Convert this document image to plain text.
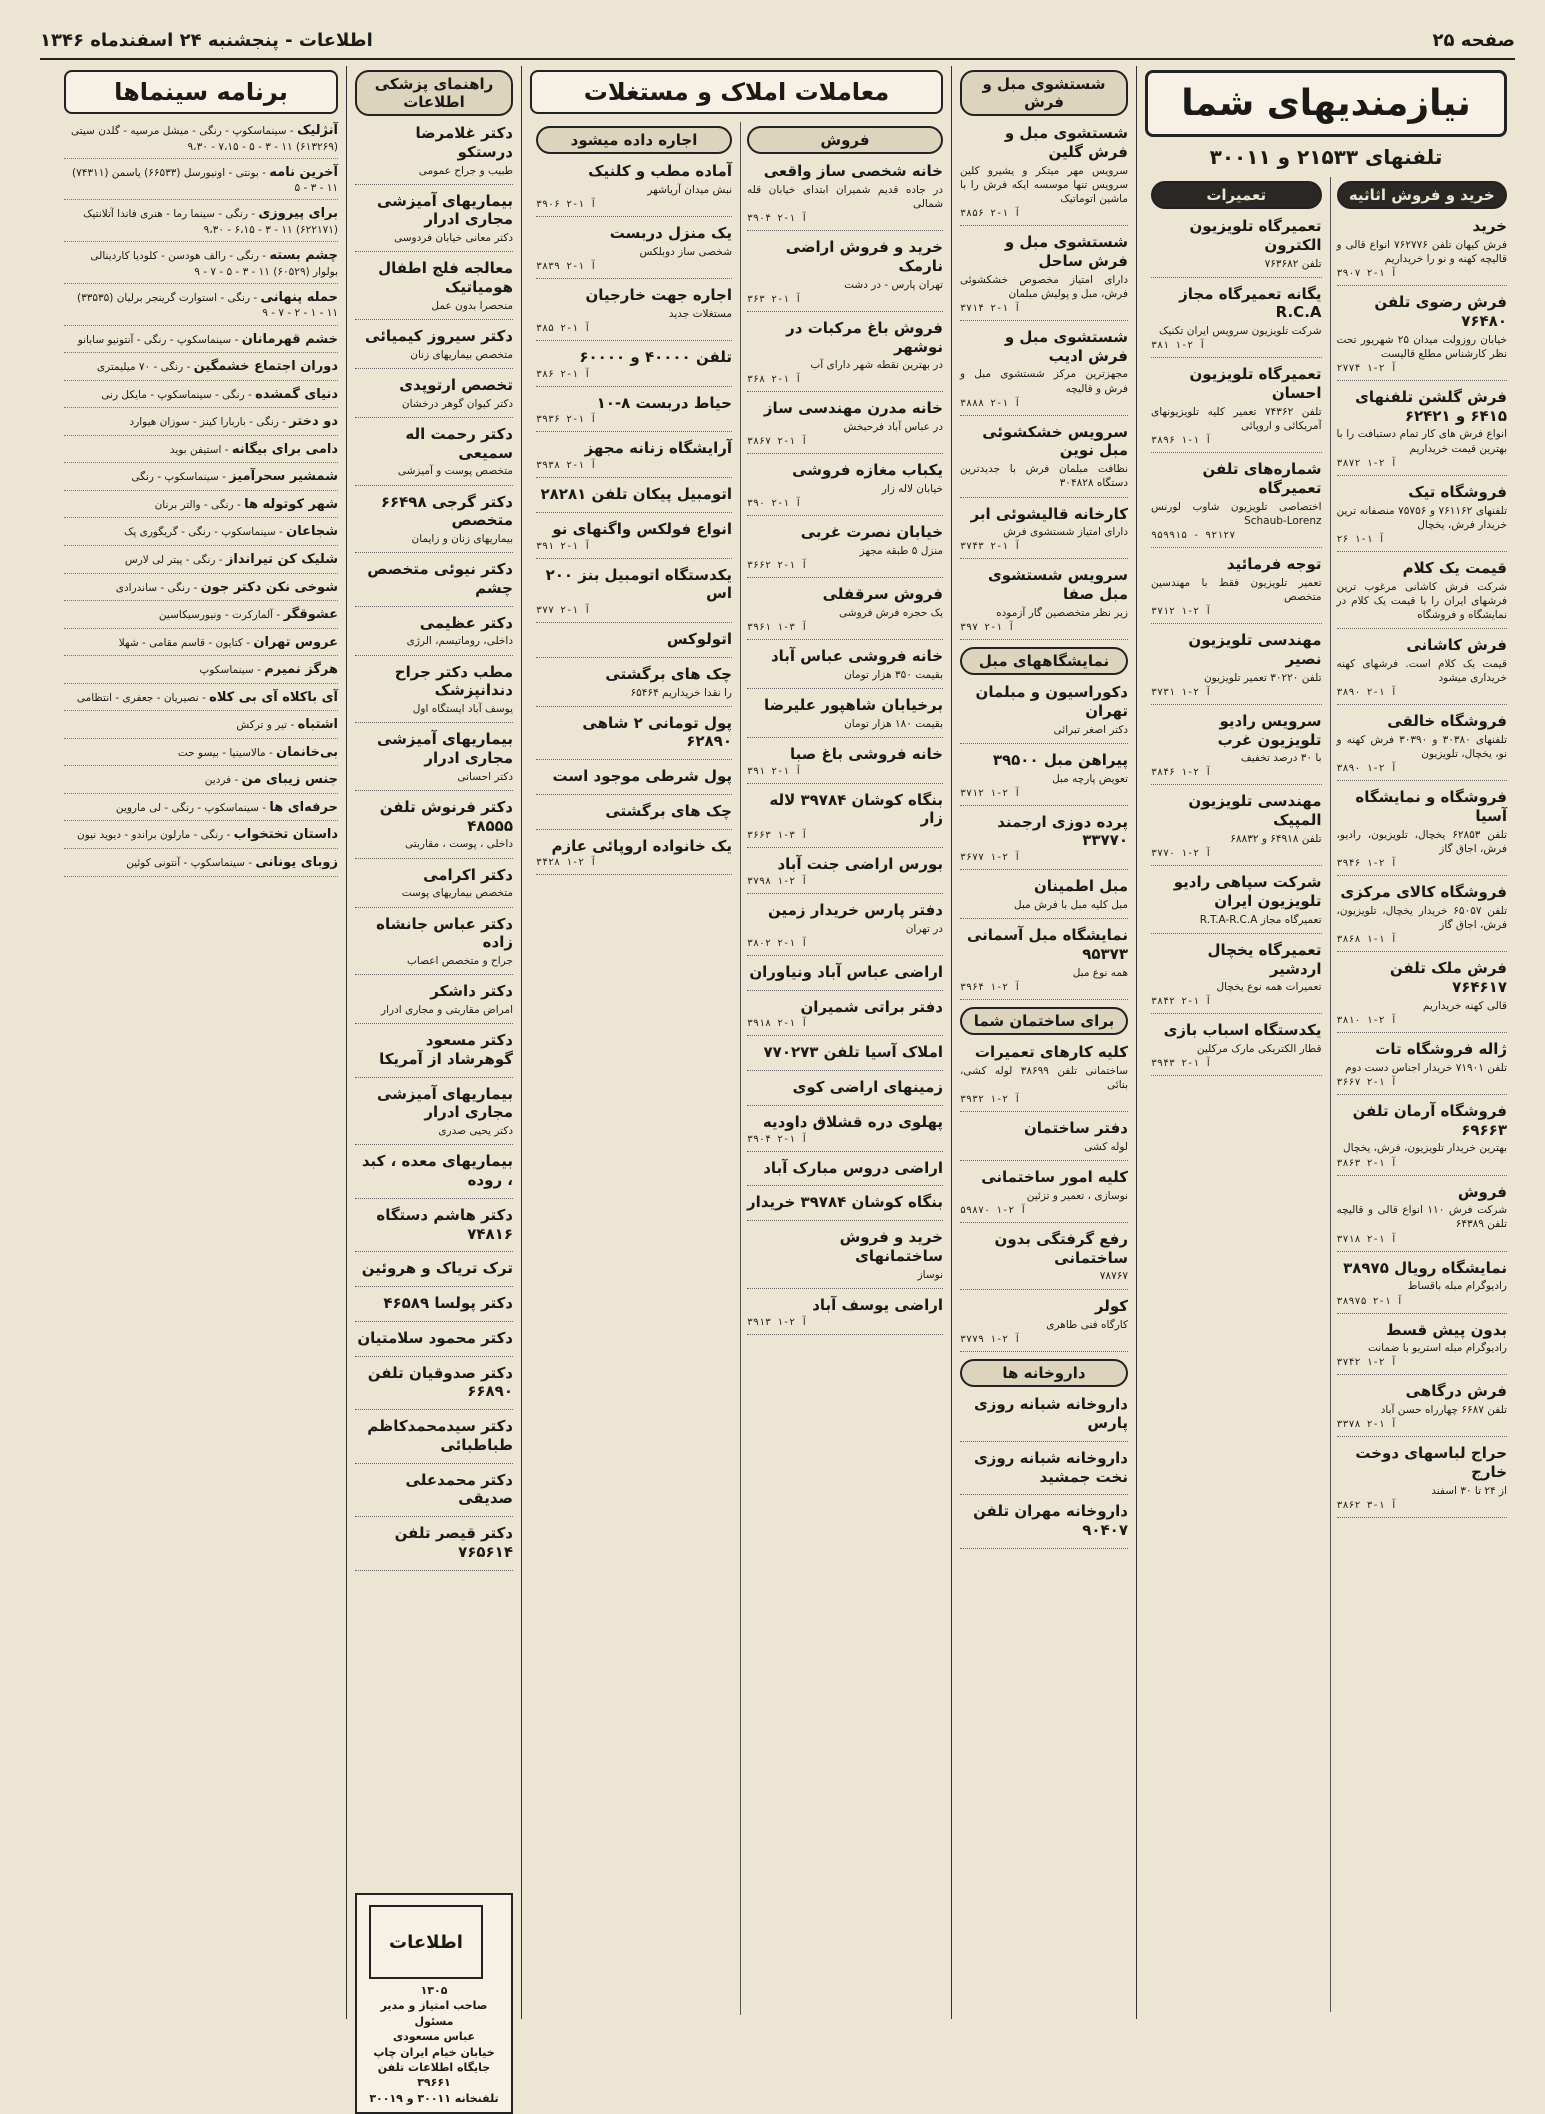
صفحه ۲۵
اطلاعات - پنجشنبه ۲۴ اسفندماه ۱۳۴۶
نیازمندیهای شما
تلفنهای ۲۱۵۳۳ و ۳۰۰۱۱
خرید و فروش اثاثیه
خرید

فرش کیهان تلفن ۷۶۲۷۷۶ انواع قالی و قالیچه کهنه و نو را خریداریم

۳۹۰۷ آ ۱-۲
فرش رضوی تلفن ۷۶۴۸۰

خیابان روزولت میدان ۲۵ شهریور تحت نظر کارشناس مطلع قالیست

۲۷۷۴ آ ۲-۱
فرش گلشن تلفنهای ۶۴۱۵ و ۶۲۴۲۱

انواع فرش های کار تمام دستبافت را با بهترین قیمت خریداریم

۳۸۷۲ آ ۲-۱
فروشگاه تیک

تلفنهای ۷۶۱۱۶۲ و ۷۵۷۵۶ منصفانه ترین خریدار فرش، یخچال

۲۶ آ ۱-۱
قیمت یک کلام

شرکت فرش کاشانی مرغوب ترین فرشهای ایران را با قیمت یک کلام در نمایشگاه و فروشگاه

فرش کاشانی

قیمت یک کلام است. فرشهای کهنه خریداری میشود

۳۸۹۰ آ ۱-۲
فروشگاه خالقی

تلفنهای ۳۰۳۸۰ و ۳۰۳۹۰ فرش کهنه و نو، یخچال، تلویزیون

۳۸۹۰ آ ۲-۱
فروشگاه و نمایشگاه آسیا

تلفن ۶۲۸۵۳ یخچال، تلویزیون، رادیو، فرش، اجاق گاز

۳۹۴۶ آ ۲-۱
فروشگاه کالای مرکزی

تلفن ۶۵۰۵۷ خریدار یخچال، تلویزیون، فرش، اجاق گاز

۳۸۶۸ آ ۱-۱
فرش ملک تلفن ۷۶۴۶۱۷

قالی کهنه خریداریم

۳۸۱۰ آ ۲-۱
ژاله فروشگاه تات

تلفن ۷۱۹۰۱ خریدار اجناس دست دوم

۳۶۶۷ آ ۱-۲
فروشگاه آرمان تلفن ۶۹۶۶۳

بهترین خریدار تلویزیون، فرش، یخچال

۳۸۶۳ آ ۱-۲
فروش

شرکت فرش ۱۱۰ انواع قالی و قالیچه تلفن ۶۴۳۸۹

۳۷۱۸ آ ۱-۲
نمایشگاه رویال ۳۸۹۷۵

رادیوگرام مبله باقساط

۳۸۹۷۵ آ ۱-۲
بدون پیش قسط

رادیوگرام مبله استریو با ضمانت

۳۷۴۲ آ ۲-۱
فرش درگاهی

تلفن ۶۶۸۷ چهارراه حسن آباد

۳۳۷۸ آ ۱-۲
حراج لباسهای دوخت خارج

از ۲۴ تا ۳۰ اسفند

۳۸۶۲ آ ۱-۳
تعمیرات
تعمیرگاه تلویزیون الکترون

تلفن ۷۶۳۶۸۲

یگانه تعمیرگاه مجاز R.C.A

شرکت تلویزیون سرویس ایران تکنیک

۳۸۱ آ ۲-۱
تعمیرگاه تلویزیون احسان

تلفن ۷۴۳۶۲ تعمیر کلیه تلویزیونهای آمریکائی و اروپائی

۳۸۹۶ آ ۱-۱
شماره‌های تلفن تعمیرگاه

اختصاصی تلویزیون شاوب لورنس Schaub-Lorenz

۹۵۹۹۱۵ - ۹۲۱۲۷
توجه فرمائید

تعمیر تلویزیون فقط با مهندسین متخصص

۳۷۱۲ آ ۲-۱
مهندسی تلویزیون نصیر

تلفن ۳۰۲۲۰ تعمیر تلویزیون

۳۷۳۱ آ ۲-۱
سرویس رادیو تلویزیون غرب

با ۳۰ درصد تخفیف

۳۸۴۶ آ ۲-۱
مهندسی تلویزیون المپیک

تلفن ۶۴۹۱۸ و ۶۸۸۳۲

۳۷۷۰ آ ۲-۱
شرکت سپاهی رادیو تلویزیون ایران

تعمیرگاه مجاز R.T.A-R.C.A

تعمیرگاه یخچال اردشیر

تعمیرات همه نوع یخچال

۳۸۴۲ آ ۱-۲
یکدستگاه اسباب بازی

قطار الکتریکی مارک مرکلین

۳۹۴۳ آ ۱-۲
شستشوی مبل و فرش
شستشوی مبل و فرش گلین

سرویس مهر میتکر و یشیرو کلین سرویس تنها موسسه ایکه فرش را با ماشین اتوماتیک

۳۸۵۶ آ ۱-۲
شستشوی مبل و فرش ساحل

دارای امتیاز مخصوص خشکشوئی فرش، مبل و پولیش مبلمان

۳۷۱۴ آ ۱-۲
شستشوی مبل و فرش ادیب

مجهزترین مرکز شستشوی مبل و فرش و قالیچه

۳۸۸۸ آ ۱-۲
سرویس خشکشوئی مبل نوین

نظافت مبلمان فرش با جدیدترین دستگاه ۳۰۴۸۲۸

کارخانه قالیشوئی ابر

دارای امتیاز شستشوی فرش

۳۷۴۳ آ ۱-۲
سرویس شستشوی مبل صفا

زیر نظر متخصصین گار آزموده

۳۹۷ آ ۱-۲
نمایشگاههای مبل
دکوراسیون و مبلمان تهران

دکتر اصغر تبرائی

پیراهن مبل ۳۹۵۰۰

تعویض پارچه مبل

۳۷۱۲ آ ۲-۱
پرده دوزی ارجمند ۳۳۷۷۰
۳۶۷۷ آ ۲-۱
مبل اطمینان

مبل کلیه مبل با فرش مبل

نمایشگاه مبل آسمانی ۹۵۳۷۳

همه نوع مبل

۳۹۶۴ آ ۲-۱
برای ساختمان شما
کلیه کارهای تعمیرات

ساختمانی تلفن ۳۸۶۹۹ لوله کشی، بنائی

۳۹۳۲ آ ۲-۱
دفتر ساختمان

لوله کشی

کلیه امور ساختمانی

نوسازی ، تعمیر و تزئین

۵۹۸۷۰ آ ۲-۱
رفع گرفتگی بدون ساختمانی

۷۸۷۶۷

کولر

کارگاه فنی طاهری

۳۷۷۹ آ ۲-۱
داروخانه ها
داروخانه شبانه روزی پارس
داروخانه شبانه روزی نخت جمشید
داروخانه مهران تلفن ۹۰۴۰۷
معاملات املاک و مستغلات
فروش
خانه شخصی ساز واقعی

در جاده قدیم شمیران ابتدای خیابان قله شمالی

۳۹۰۴ آ ۱-۲
خرید و فروش اراضی نارمک

تهران پارس - در دشت

۳۶۳ آ ۱-۲
فروش باغ مرکبات در نوشهر

در بهترین نقطه شهر دارای آب

۳۶۸ آ ۱-۲
خانه مدرن مهندسی ساز

در عباس آباد فرحبخش

۳۸۶۷ آ ۱-۲
یکباب مغازه فروشی

خیابان لاله زار

۳۹۰ آ ۱-۲
خیابان نصرت غربی

منزل ۵ طبقه مجهز

۳۶۶۲ آ ۱-۲
فروش سرقفلی

یک حجره فرش فروشی

۳۹۶۱ آ ۳-۱
خانه فروشی عباس آباد

بقیمت ۳۵۰ هزار تومان

برخیابان شاهپور علیرضا

بقیمت ۱۸۰ هزار تومان

خانه فروشی باغ صبا
۳۹۱ آ ۱-۲
بنگاه کوشان ۳۹۷۸۴ لاله زار
۳۶۶۳ آ ۳-۱
بورس اراضی جنت آباد
۳۷۹۸ آ ۲-۱
دفتر پارس خریدار زمین

در تهران

۳۸۰۲ آ ۱-۲
اراضی عباس آباد ونیاوران
دفتر براتی شمیران
۳۹۱۸ آ ۱-۲
املاک آسیا تلفن ۷۷۰۲۷۳
زمینهای اراضی کوی
پهلوی دره قشلاق داودیه
۳۹۰۴ آ ۱-۲
اراضی دروس مبارک آباد
بنگاه کوشان ۳۹۷۸۴ خریدار
خرید و فروش ساختمانهای

نوساز

اراضی یوسف آباد
۳۹۱۳ آ ۲-۱
اجاره داده میشود
آماده مطب و کلنیک

نبش میدان آریاشهر

۳۹۰۶ آ ۱-۲
یک منزل دربست

شخصی ساز دوبلکس

۳۸۳۹ آ ۱-۲
اجاره جهت خارجیان

مستغلات جدید

۳۸۵ آ ۱-۲
تلفن ۴۰۰۰۰ و ۶۰۰۰۰
۳۸۶ آ ۱-۲
حیاط دربست ۸-۱۰
۳۹۳۶ آ ۱-۲
آرایشگاه زنانه مجهز
۳۹۳۸ آ ۱-۲
اتومبیل پیکان تلفن ۲۸۲۸۱
انواع فولکس واگنهای نو
۳۹۱ آ ۱-۲
یکدستگاه اتومبیل بنز ۲۰۰ اس
۳۷۷ آ ۱-۲
اتولوکس
چک های برگشتی

را نقدا خریداریم ۶۵۴۶۴

پول تومانی ۲ شاهی ۶۲۸۹۰
پول شرطی موجود است
چک های برگشتی
یک خانواده اروپائی عازم
۳۴۲۸ آ ۲-۱
راهنمای پزشکی اطلاعات
دکتر غلامرضا درستکو

طبیب و جراح عمومی

بیماریهای آمیزشی مجاری ادرار

دکتر معانی خیابان فردوسی

معالجه فلج اطفال هومیاتیک

منحصرا بدون عمل

دکتر سیروز کیمیائی

متخصص بیماریهای زنان

تخصص ارتوپدی

دکتر کیوان گوهر درخشان

دکتر رحمت اله سمیعی

متخصص پوست و آمیزشی

دکتر گرجی ۶۶۴۹۸ متخصص

بیماریهای زنان و زایمان

دکتر نیوئی متخصص چشم
دکتر عظیمی

داخلی، روماتیسم، الرژی

مطب دکتر جراح دندانپزشک

یوسف آباد ایستگاه اول

بیماریهای آمیزشی مجاری ادرار

دکتر احسانی

دکتر فرنوش تلفن ۴۸۵۵۵

داخلی ، پوست ، مقاربتی

دکتر اکرامی

متخصص بیماریهای پوست

دکتر عباس جانشاه زاده

جراح و متخصص اعصاب

دکتر داشکر

امراض مقاربتی و مجاری ادرار

دکتر مسعود گوهرشاد از آمریکا
بیماریهای آمیزشی مجاری ادرار

دکتر یحیی صدری

بیماریهای معده ، کبد ، روده
دکتر هاشم دستگاه ۷۴۸۱۶
ترک تریاک و هروئین
دکتر پولسا ۴۶۵۸۹
دکتر محمود سلامتیان
دکتر صدوقیان تلفن ۶۶۸۹۰
دکتر سیدمحمدکاظم طباطبائی
دکتر محمدعلی صدیقی
دکتر قیصر تلفن ۷۶۵۶۱۴
اطلاعات
۱۳۰۵
صاحب امتیاز و مدیر مسئول
عباس مسعودی
خیابان خیام ایران چاپ
جایگاه اطلاعات تلفن ۳۹۶۶۱
تلفنخانه ۳۰۰۱۱ و ۳۰۰۱۹
برنامه سینماها
آنژلیک - سینماسکوپ - رنگی - میشل مرسیه - گلدن سیتی (۶۱۳۲۶۹) ۱۱ - ۳ - ۵ - ۷،۱۵ - ۹،۳۰
آخرین نامه - بونتی - اونیورسل (۶۶۵۳۳) یاسمن (۷۴۳۱۱) ۱۱ - ۳ - ۵
برای پیروزی - رنگی - سینما رما - هنری فاندا آتلانتیک (۶۲۲۱۷۱) ۱۱ - ۳ - ۶،۱۵ - ۹،۳۰
چشم بسته - رنگی - رالف هودسن - کلودیا کاردینالی بولوار (۶۰۵۲۹) ۱۱ - ۳ - ۵ - ۷ - ۹
حمله پنهانی - رنگی - استوارت گرینجر برلیان (۳۳۵۳۵) ۱۱ - ۱ - ۲ - ۷ - ۹
خشم قهرمانان - سینماسکوپ - رنگی - آنتونیو سابانو
دوران اجتماع خشمگین - رنگی - ۷۰ میلیمتری
دنیای گمشده - رنگی - سینماسکوپ - مایکل رنی
دو دختر - رنگی - باربارا کینز - سوزان هیوارد
دامی برای بیگانه - استیفن بوید
شمشیر سحرآمیز - سینماسکوپ - رنگی
شهر کوتوله ها - رنگی - والتر برنان
شجاعان - سینماسکوپ - رنگی - گریگوری پک
شلیک کن تیرانداز - رنگی - پیتر لی لارس
شوخی نکن دکتر جون - رنگی - ساندرادی
عشوقگر - آلمارکرت - ونیورسیکاسین
عروس تهران - کتایون - قاسم مقامی - شهلا
هرگز نمیرم - سینماسکوپ
آی باکلاه آی بی کلاه - نصیریان - جعفری - انتظامی
اشتباه - تیر و ترکش
بی‌خانمان - مالاسینیا - بیسو حت
جنس زیبای من - فردین
حرفه‌ای ها - سینماسکوپ - رنگی - لی ماروین
داستان تختخواب - رنگی - مارلون براندو - دیوید نیون
زوبای یونانی - سینماسکوپ - آنتونی کوئین
